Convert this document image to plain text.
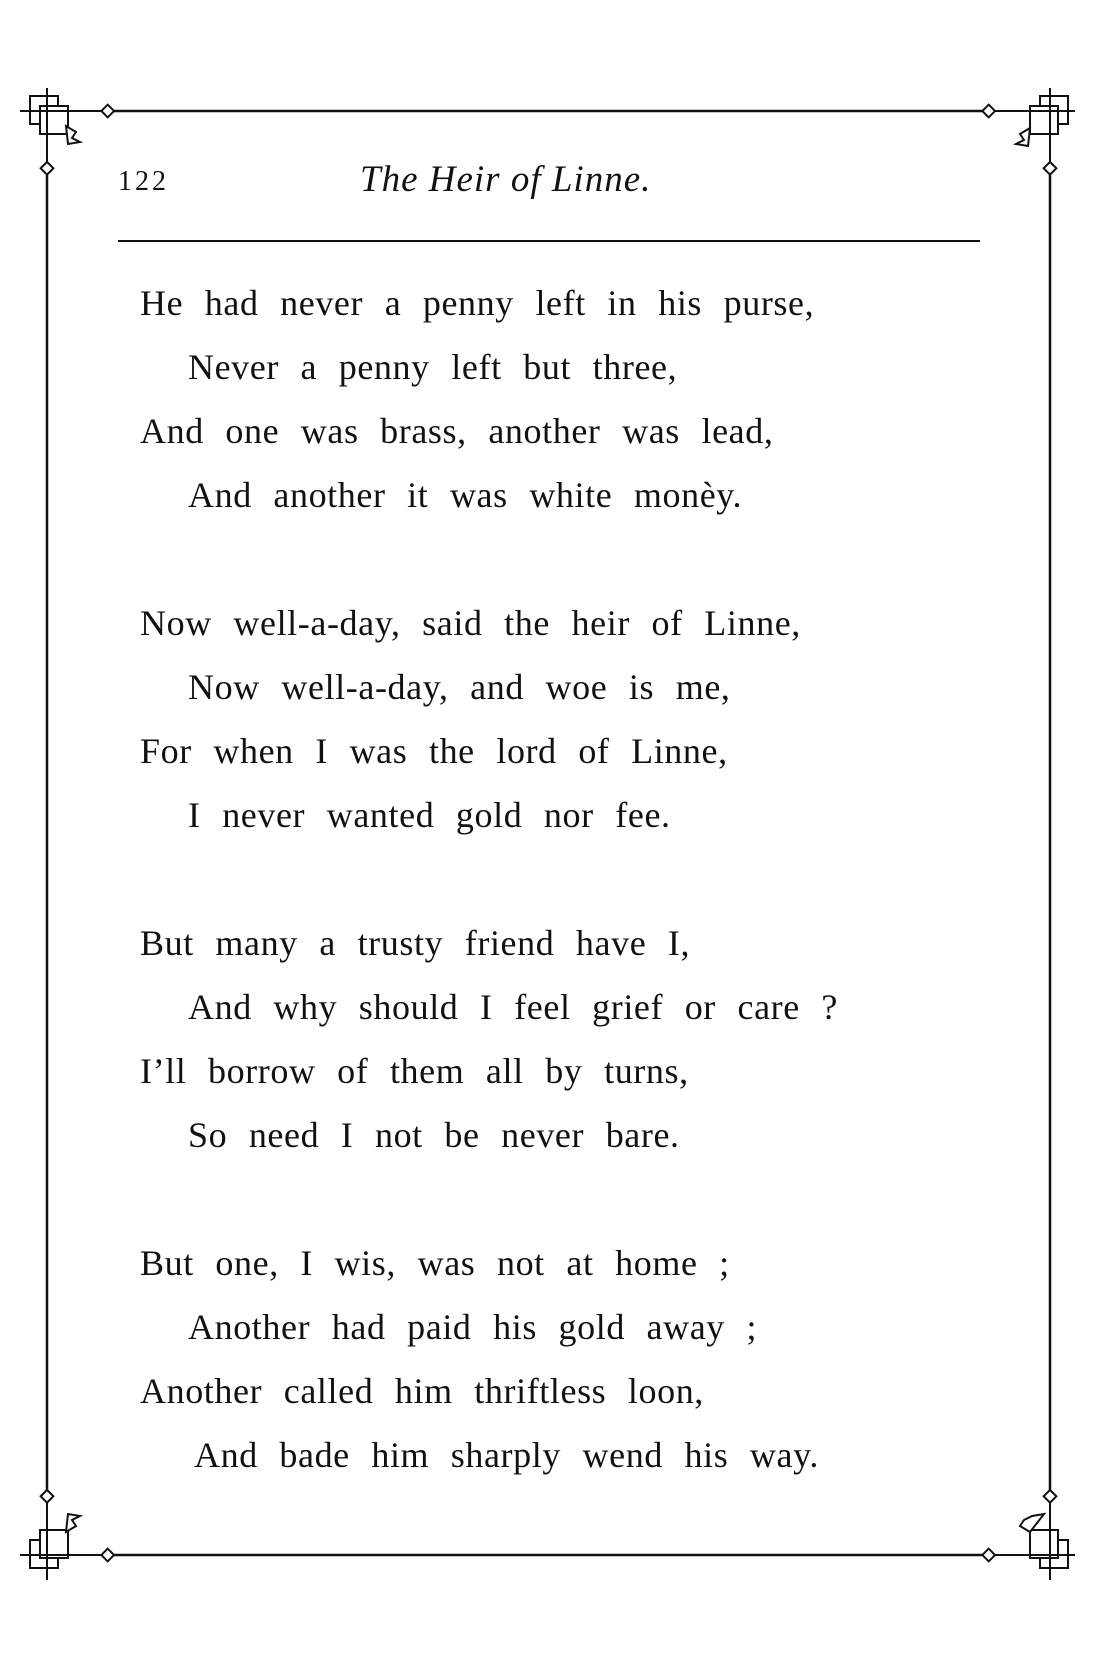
122	The Heir of Linne.
He had never a penny left in his purse,
Never a penny left but three,
And one was brass, another was lead,
And another it was white monèy.
Now well-a-day, said the heir of Linne,
Now well-a-day, and woe is me,
For when I was the lord of Linne,
I never wanted gold nor fee.
But many a trusty friend have I,
And why should I feel grief or care ?
I’ll borrow of them all by turns,
So need I not be never bare.
But one, I wis, was not at home ;
Another had paid his gold away ;
Another called him thriftless loon,
And bade him sharply wend his way.
